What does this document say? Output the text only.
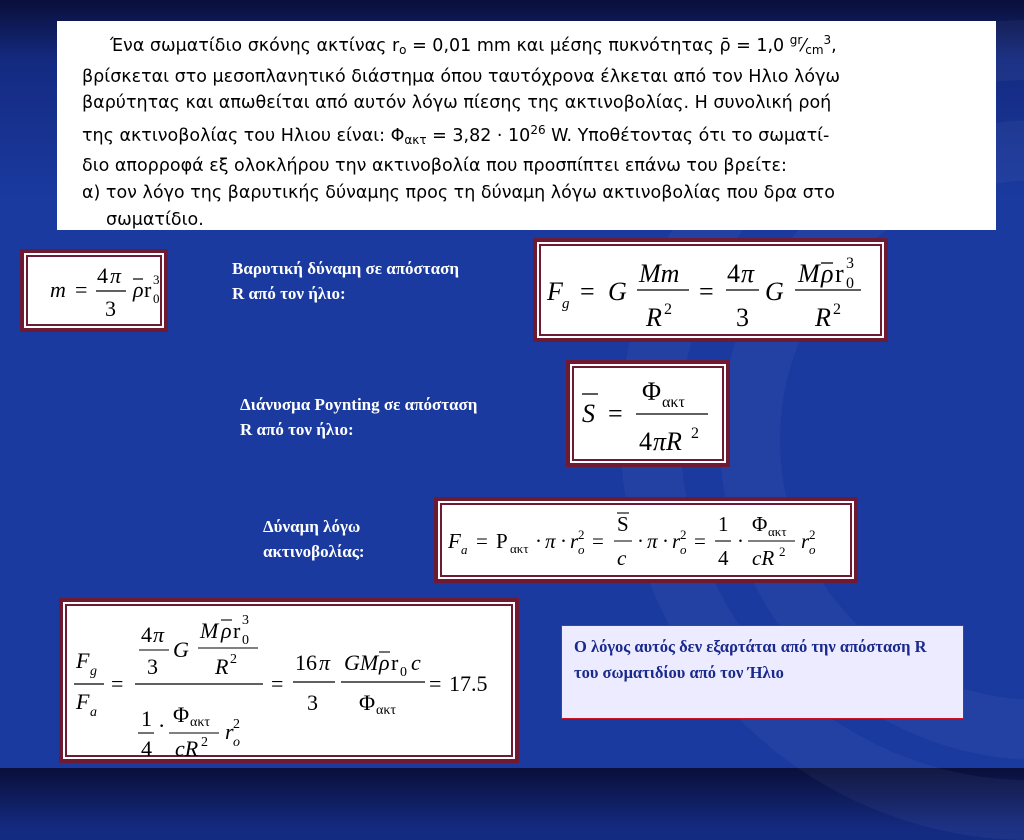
Ένα σωματίδιο σκόνης ακτίνας $r_o = 0,01$ mm και μέσης πυκνότητας ρ̄ = 1,0 $^{gr}⁄_{cm}^3$,

βρίσκεται στο μεσοπλανητικό διάστημα όπου ταυτόχρονα έλκεται από τον Ηλιο λόγω

βαρύτητας και απωθείται από αυτόν λόγω πίεσης της ακτινοβολίας. Η συνολική ροή

της ακτινοβολίας του Ηλιου είναι: $\Phi_{\alpha\kappa\tau} = 3,82 \cdot 10^{26}$ W. Υποθέτοντας ότι το σωματί-

διο απορροφά εξ ολοκλήρου την ακτινοβολία που προσπίπτει επάνω του βρείτε:

α) τον λόγο της βαρυτικής δύναμης προς τη δύναμη λόγω ακτινοβολίας που δρα στο
σωματίδιο.

Βαρυτική δύναμη σε απόσταση
R από τον ήλιο:
Διάνυσμα Poynting σε απόσταση
R από τον ήλιο:
Δύναμη λόγω
ακτινοβολίας:
m =
4 π
3
ρ r 3
0	F g = G
Mm
R 2
=
4 π
3
G
M ρ r 3
0
R 2
S =
Φ ακτ
4 πR 2
F a = P ακτ · π · r o
2 =
S
c
· π · r o
2 =
1
4
·
Φ ακτ
cR 2 r o
2
F g
F a
=
4 π
3
G
M ρ r 3
0
R 2
1
4
· Φ ακτ
cR 2 r o
2
=
16 π
3
GM ρ r 0 c
Φ ακτ
= 17.5
Ο λόγος αυτός δεν εξαρτάται από την απόσταση R του σωματιδίου από τον Ήλιο
